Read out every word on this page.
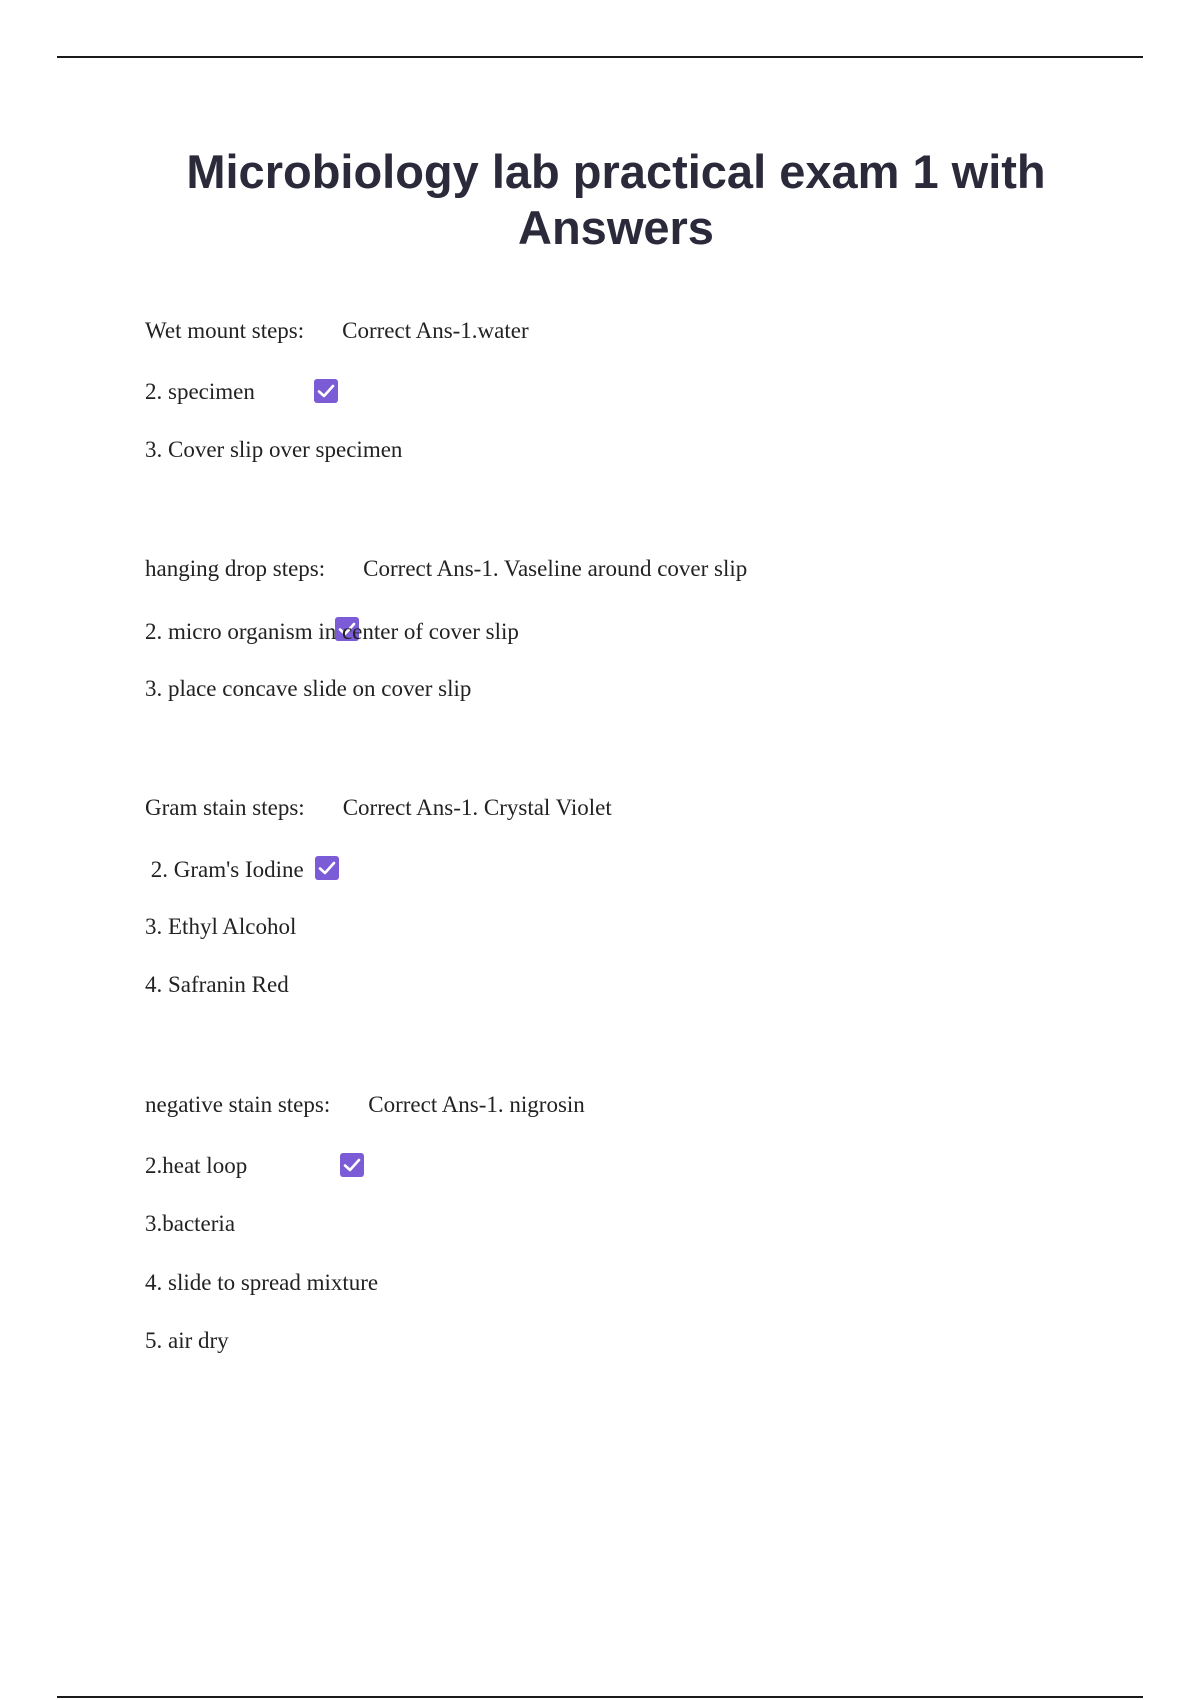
Microbiology lab practical exam 1 with Answers
Wet mount steps:

Correct Ans-1.water
2. specimen
3. Cover slip over specimen
hanging drop steps:

Correct Ans-1. Vaseline around cover slip
2. micro organism in center of cover slip
3. place concave slide on cover slip
Gram stain steps:

Correct Ans-1. Crystal Violet
2. Gram's Iodine
3. Ethyl Alcohol
4. Safranin Red
negative stain steps:

Correct Ans-1. nigrosin
2.heat loop
3.bacteria
4. slide to spread mixture
5. air dry
